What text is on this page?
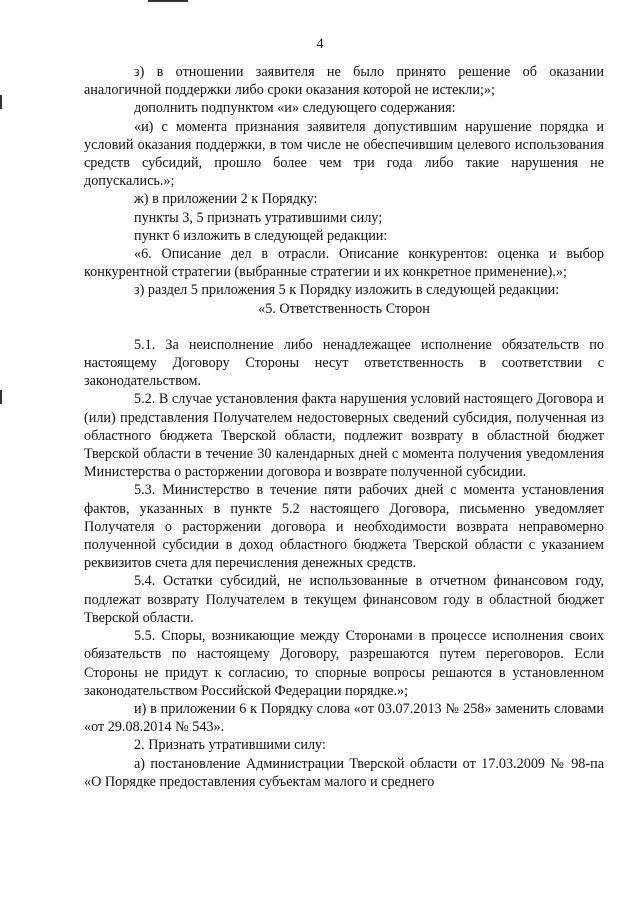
4

з) в отношении заявителя не было принято решение об оказании аналогичной поддержки либо сроки оказания которой не истекли;»;

дополнить подпунктом «и» следующего содержания:

«и) с момента признания заявителя допустившим нарушение порядка и условий оказания поддержки, в том числе не обеспечившим целевого использования средств субсидий, прошло более чем три года либо такие нарушения не допускались.»;

ж) в приложении 2 к Порядку:

пункты 3, 5 признать утратившими силу;

пункт 6 изложить в следующей редакции:

«6. Описание дел в отрасли. Описание конкурентов: оценка и выбор конкурентной стратегии (выбранные стратегии и их конкретное применение).»;

з) раздел 5 приложения 5 к Порядку изложить в следующей редакции:

«5. Ответственность Сторон

5.1. За неисполнение либо ненадлежащее исполнение обязательств по настоящему Договору Стороны несут ответственность в соответствии с законодательством.

5.2. В случае установления факта нарушения условий настоящего Договора и (или) представления Получателем недостоверных сведений субсидия, полученная из областного бюджета Тверской области, подлежит возврату в областной бюджет Тверской области в течение 30 календарных дней с момента получения уведомления Министерства о расторжении договора и возврате полученной субсидии.

5.3. Министерство в течение пяти рабочих дней с момента установления фактов, указанных в пункте 5.2 настоящего Договора, письменно уведомляет Получателя о расторжении договора и необходимости возврата неправомерно полученной субсидии в доход областного бюджета Тверской области с указанием реквизитов счета для перечисления денежных средств.

5.4. Остатки субсидий, не использованные в отчетном финансовом году, подлежат возврату Получателем в текущем финансовом году в областной бюджет Тверской области.

5.5. Споры, возникающие между Сторонами в процессе исполнения своих обязательств по настоящему Договору, разрешаются путем переговоров. Если Стороны не придут к согласию, то спорные вопросы решаются в установленном законодательством Российской Федерации порядке.»;

и) в приложении 6 к Порядку слова «от 03.07.2013 № 258» заменить словами «от 29.08.2014 № 543».

2. Признать утратившими силу:

а) постановление Администрации Тверской области от 17.03.2009 № 98-па «О Порядке предоставления субъектам малого и среднего
